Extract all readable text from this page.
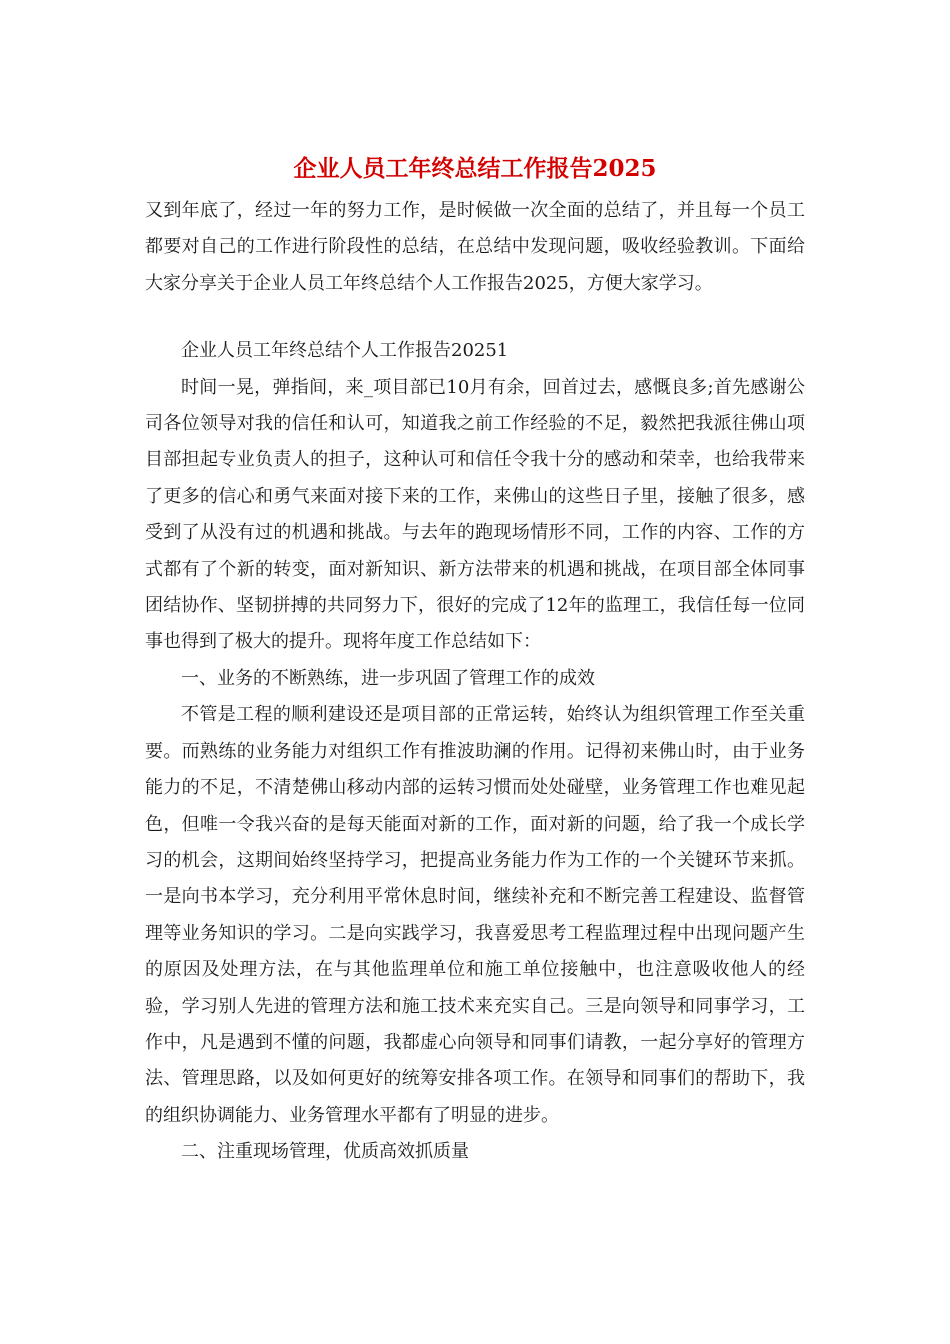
企业人员工年终总结工作报告2025

又到年底了，经过一年的努力工作，是时候做一次全面的总结了，并且每一个员工都要对自己的工作进行阶段性的总结，在总结中发现问题，吸收经验教训。下面给大家分享关于企业人员工年终总结个人工作报告2025，方便大家学习。

企业人员工年终总结个人工作报告20251

时间一晃，弹指间，来_项目部已10月有余，回首过去，感慨良多;首先感谢公司各位领导对我的信任和认可，知道我之前工作经验的不足，毅然把我派往佛山项目部担起专业负责人的担子，这种认可和信任令我十分的感动和荣幸，也给我带来了更多的信心和勇气来面对接下来的工作，来佛山的这些日子里，接触了很多，感受到了从没有过的机遇和挑战。与去年的跑现场情形不同，工作的内容、工作的方式都有了个新的转变，面对新知识、新方法带来的机遇和挑战，在项目部全体同事团结协作、坚韧拼搏的共同努力下，很好的完成了12年的监理工，我信任每一位同事也得到了极大的提升。现将年度工作总结如下：

一、业务的不断熟练，进一步巩固了管理工作的成效

不管是工程的顺利建设还是项目部的正常运转，始终认为组织管理工作至关重要。而熟练的业务能力对组织工作有推波助澜的作用。记得初来佛山时，由于业务能力的不足，不清楚佛山移动内部的运转习惯而处处碰壁，业务管理工作也难见起色，但唯一令我兴奋的是每天能面对新的工作，面对新的问题，给了我一个成长学习的机会，这期间始终坚持学习，把提高业务能力作为工作的一个关键环节来抓。一是向书本学习，充分利用平常休息时间，继续补充和不断完善工程建设、监督管理等业务知识的学习。二是向实践学习，我喜爱思考工程监理过程中出现问题产生的原因及处理方法，在与其他监理单位和施工单位接触中，也注意吸收他人的经验，学习别人先进的管理方法和施工技术来充实自己。三是向领导和同事学习，工作中，凡是遇到不懂的问题，我都虚心向领导和同事们请教，一起分享好的管理方法、管理思路，以及如何更好的统筹安排各项工作。在领导和同事们的帮助下，我的组织协调能力、业务管理水平都有了明显的进步。

二、注重现场管理，优质高效抓质量
